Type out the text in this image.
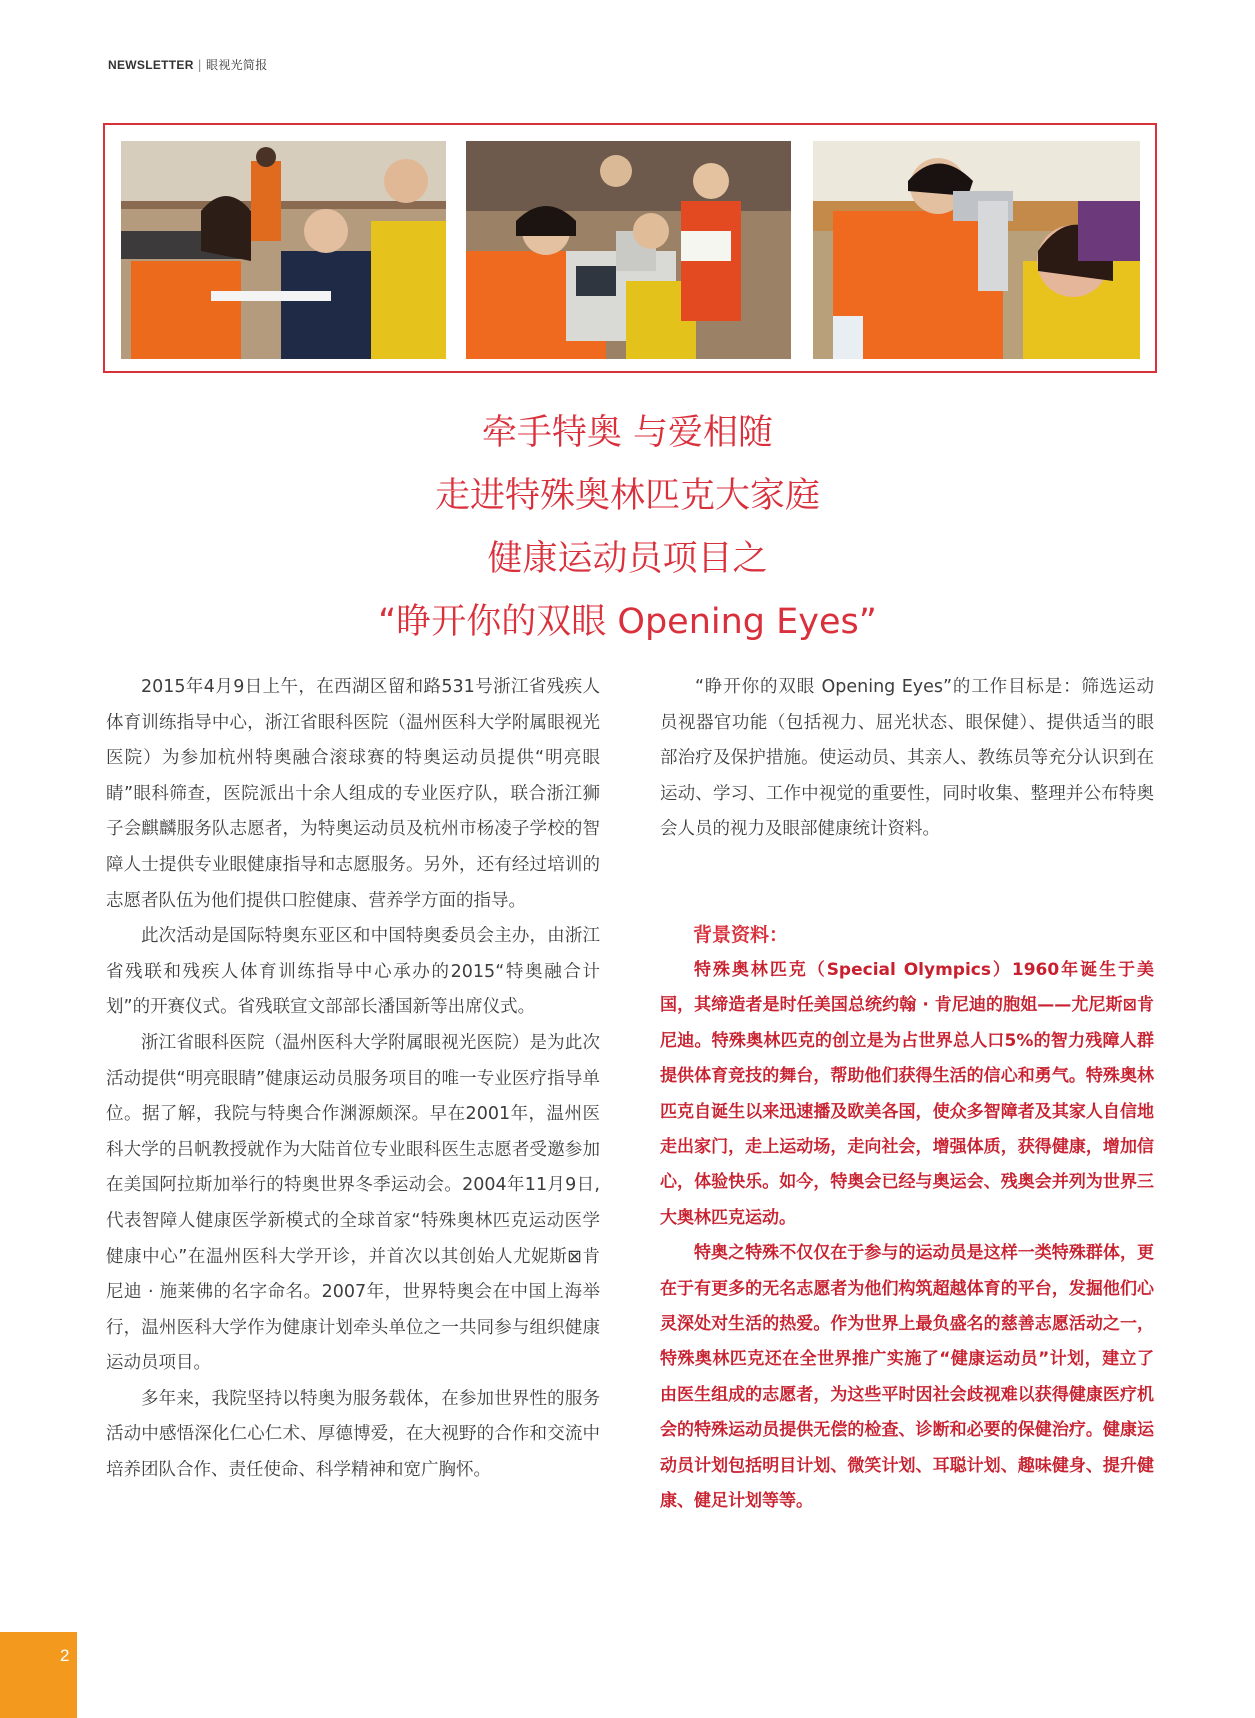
NEWSLETTER | 眼视光简报
牵手特奥 与爱相随
走进特殊奥林匹克大家庭
健康运动员项目之
“睁开你的双眼 Opening Eyes”

2015年4月9日上午，在西湖区留和路531号浙江省残疾人体育训练指导中心，浙江省眼科医院（温州医科大学附属眼视光医院）为参加杭州特奥融合滚球赛的特奥运动员提供“明亮眼睛”眼科筛查，医院派出十余人组成的专业医疗队，联合浙江狮子会麒麟服务队志愿者，为特奥运动员及杭州市杨凌子学校的智障人士提供专业眼健康指导和志愿服务。另外，还有经过培训的志愿者队伍为他们提供口腔健康、营养学方面的指导。

此次活动是国际特奥东亚区和中国特奥委员会主办，由浙江省残联和残疾人体育训练指导中心承办的2015“特奥融合计划”的开赛仪式。省残联宣文部部长潘国新等出席仪式。

浙江省眼科医院（温州医科大学附属眼视光医院）是为此次活动提供“明亮眼睛”健康运动员服务项目的唯一专业医疗指导单位。据了解，我院与特奥合作渊源颇深。早在2001年，温州医科大学的吕帆教授就作为大陆首位专业眼科医生志愿者受邀参加在美国阿拉斯加举行的特奥世界冬季运动会。2004年11月9日,代表智障人健康医学新模式的全球首家“特殊奥林匹克运动医学健康中心”在温州医科大学开诊，并首次以其创始人尤妮斯⊠肯尼迪 · 施莱佛的名字命名。2007年，世界特奥会在中国上海举行，温州医科大学作为健康计划牵头单位之一共同参与组织健康运动员项目。

多年来，我院坚持以特奥为服务载体，在参加世界性的服务活动中感悟深化仁心仁术、厚德博爱，在大视野的合作和交流中培养团队合作、责任使命、科学精神和宽广胸怀。

“睁开你的双眼 Opening Eyes”的工作目标是：筛选运动员视器官功能（包括视力、屈光状态、眼保健）、提供适当的眼部治疗及保护措施。使运动员、其亲人、教练员等充分认识到在运动、学习、工作中视觉的重要性，同时收集、整理并公布特奥会人员的视力及眼部健康统计资料。

背景资料：

特殊奥林匹克（Special Olympics）1960年诞生于美国，其缔造者是时任美国总统约翰 · 肯尼迪的胞姐——尤尼斯⊠肯尼迪。特殊奥林匹克的创立是为占世界总人口5%的智力残障人群提供体育竞技的舞台，帮助他们获得生活的信心和勇气。特殊奥林匹克自诞生以来迅速播及欧美各国，使众多智障者及其家人自信地走出家门，走上运动场，走向社会，增强体质，获得健康，增加信心，体验快乐。如今，特奥会已经与奥运会、残奥会并列为世界三大奥林匹克运动。

特奥之特殊不仅仅在于参与的运动员是这样一类特殊群体，更在于有更多的无名志愿者为他们构筑超越体育的平台，发掘他们心灵深处对生活的热爱。作为世界上最负盛名的慈善志愿活动之一，特殊奥林匹克还在全世界推广实施了“健康运动员”计划，建立了由医生组成的志愿者，为这些平时因社会歧视难以获得健康医疗机会的特殊运动员提供无偿的检查、诊断和必要的保健治疗。健康运动员计划包括明目计划、微笑计划、耳聪计划、趣味健身、提升健康、健足计划等等。

2
